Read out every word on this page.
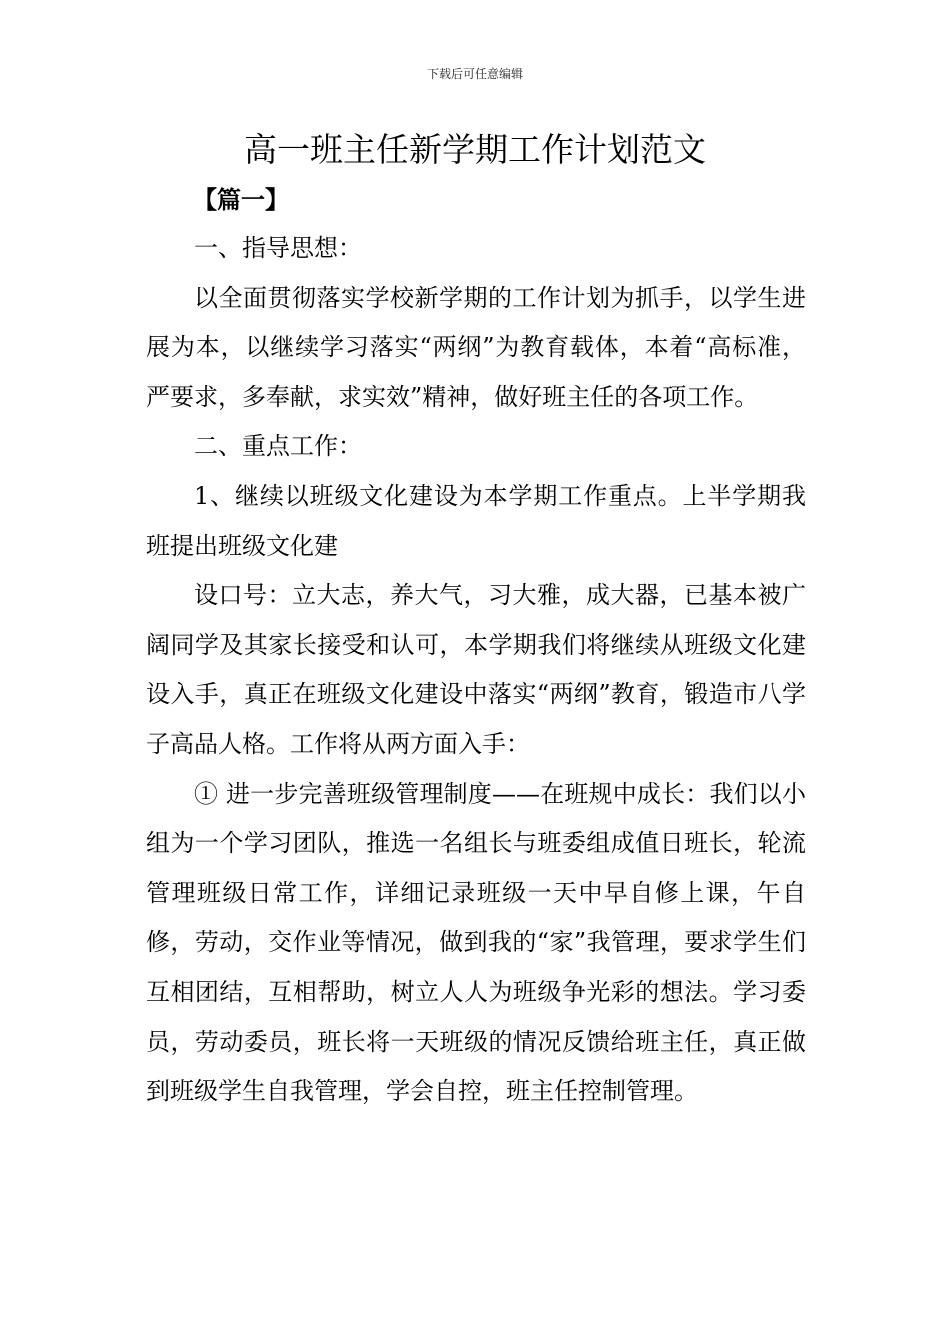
下载后可任意编辑
高一班主任新学期工作计划范文
【篇一】

一、指导思想：

以全面贯彻落实学校新学期的工作计划为抓手，以学生进展为本，以继续学习落实“两纲”为教育载体，本着“高标准，严要求，多奉献，求实效”精神，做好班主任的各项工作。

二、重点工作：

1、继续以班级文化建设为本学期工作重点。上半学期我班提出班级文化建

设口号：立大志，养大气，习大雅，成大器，已基本被广阔同学及其家长接受和认可，本学期我们将继续从班级文化建设入手，真正在班级文化建设中落实“两纲”教育，锻造市八学子高品人格。工作将从两方面入手：

① 进一步完善班级管理制度——在班规中成长：我们以小组为一个学习团队，推选一名组长与班委组成值日班长，轮流管理班级日常工作，详细记录班级一天中早自修上课，午自修，劳动，交作业等情况，做到我的“家”我管理，要求学生们互相团结，互相帮助，树立人人为班级争光彩的想法。学习委员，劳动委员，班长将一天班级的情况反馈给班主任，真正做到班级学生自我管理，学会自控，班主任控制管理。
